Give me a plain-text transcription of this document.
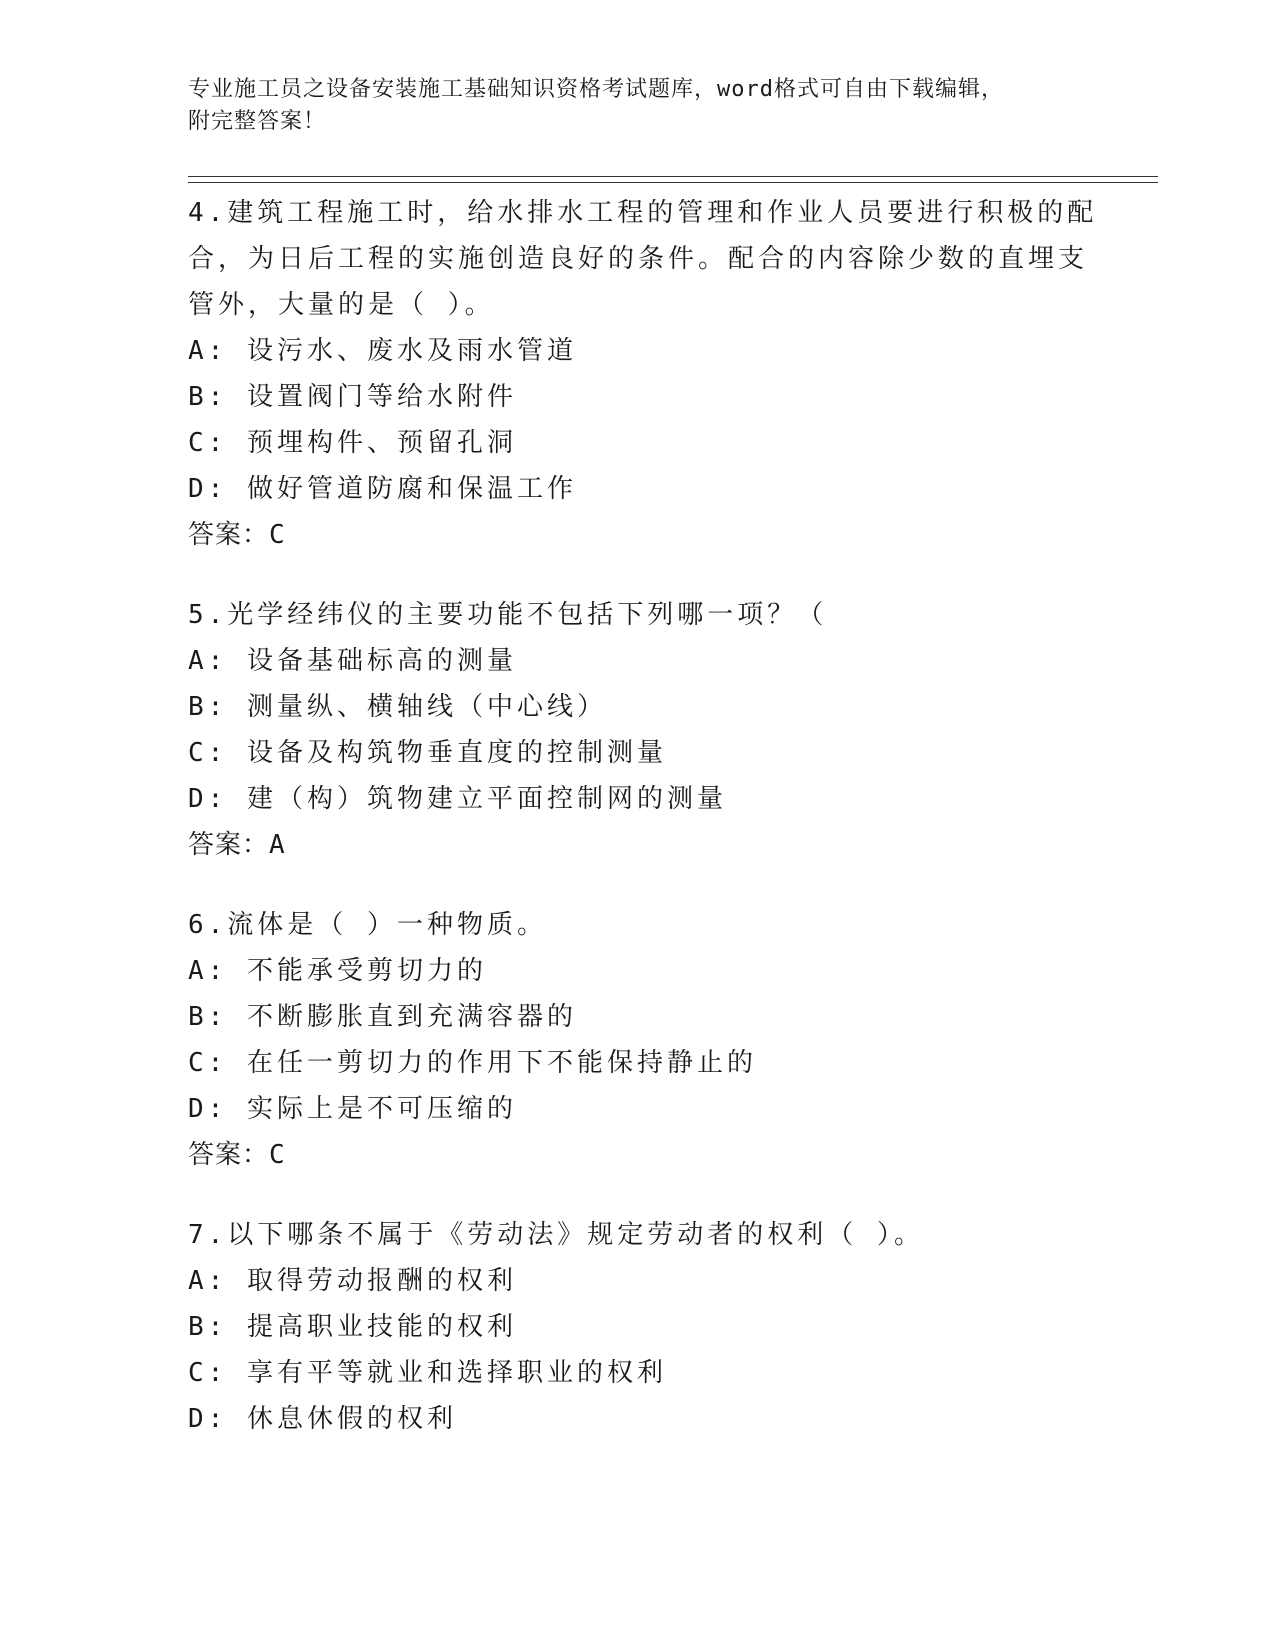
专业施工员之设备安装施工基础知识资格考试题库，word格式可自由下载编辑，
附完整答案！
4.建筑工程施工时，给水排水工程的管理和作业人员要进行积极的配
合，为日后工程的实施创造良好的条件。配合的内容除少数的直埋支
管外，大量的是（ ）。
A: 设污水、废水及雨水管道
B: 设置阀门等给水附件
C: 预埋构件、预留孔洞
D: 做好管道防腐和保温工作
答案：C
5.光学经纬仪的主要功能不包括下列哪一项？（
A: 设备基础标高的测量
B: 测量纵、横轴线（中心线）
C: 设备及构筑物垂直度的控制测量
D: 建（构）筑物建立平面控制网的测量
答案：A
6.流体是（ ）一种物质。
A: 不能承受剪切力的
B: 不断膨胀直到充满容器的
C: 在任一剪切力的作用下不能保持静止的
D: 实际上是不可压缩的
答案：C
7.以下哪条不属于《劳动法》规定劳动者的权利（ ）。
A: 取得劳动报酬的权利
B: 提高职业技能的权利
C: 享有平等就业和选择职业的权利
D: 休息休假的权利
